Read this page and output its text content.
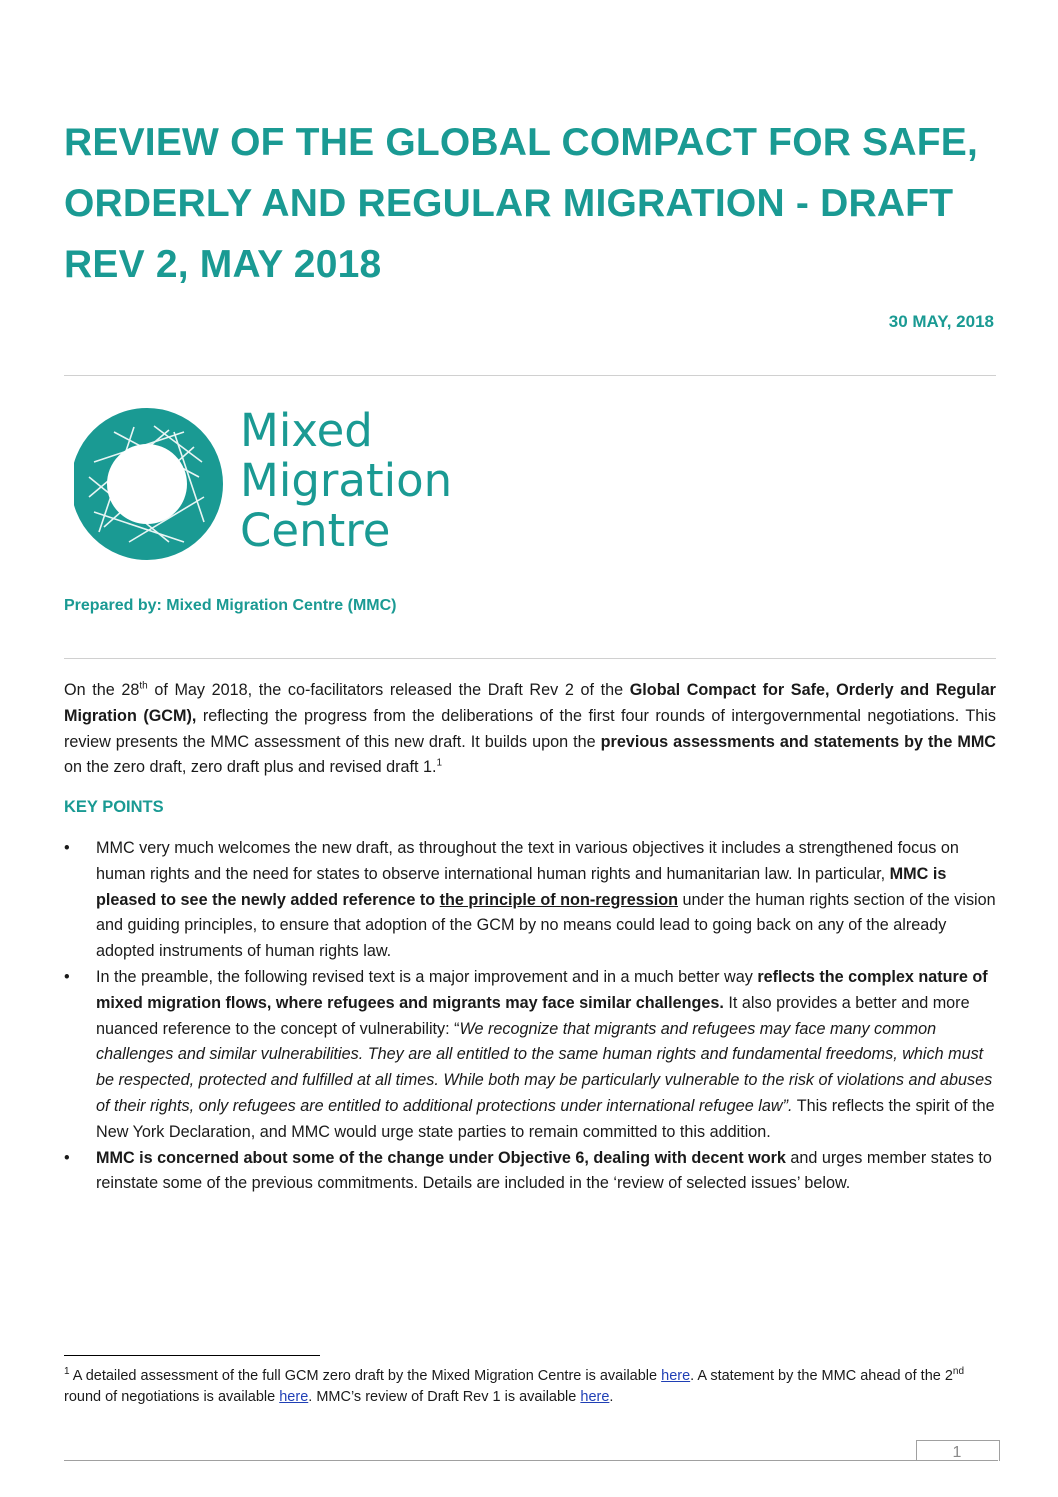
REVIEW OF THE GLOBAL COMPACT FOR SAFE,
ORDERLY AND REGULAR MIGRATION - DRAFT
REV 2, MAY 2018
30 MAY, 2018
Mixed
Migration
Centre
Prepared by: Mixed Migration Centre (MMC)

On the 28th of May 2018, the co-facilitators released the Draft Rev 2 of the Global Compact for Safe, Orderly and Regular Migration (GCM), reflecting the progress from the deliberations of the first four rounds of intergovernmental negotiations. This review presents the MMC assessment of this new draft. It builds upon the previous assessments and statements by the MMC on the zero draft, zero draft plus and revised draft 1.$^1$

KEY POINTS
• MMC very much welcomes the new draft, as throughout the text in various objectives it includes a strengthened focus on human rights and the need for states to observe international human rights and humanitarian law. In particular, MMC is pleased to see the newly added reference to the principle of non-regression under the human rights section of the vision and guiding principles, to ensure that adoption of the GCM by no means could lead to going back on any of the already adopted instruments of human rights law.
• In the preamble, the following revised text is a major improvement and in a much better way reflects the complex nature of mixed migration flows, where refugees and migrants may face similar challenges. It also provides a better and more nuanced reference to the concept of vulnerability: “We recognize that migrants and refugees may face many common challenges and similar vulnerabilities. They are all entitled to the same human rights and fundamental freedoms, which must be respected, protected and fulfilled at all times. While both may be particularly vulnerable to the risk of violations and abuses of their rights, only refugees are entitled to additional protections under international refugee law”. This reflects the spirit of the New York Declaration, and MMC would urge state parties to remain committed to this addition.
• MMC is concerned about some of the change under Objective 6, dealing with decent work and urges member states to reinstate some of the previous commitments. Details are included in the ‘review of selected issues’ below.
$^1$ A detailed assessment of the full GCM zero draft by the Mixed Migration Centre is available here. A statement by the MMC ahead of the 2nd round of negotiations is available here. MMC’s review of Draft Rev 1 is available here.
1
